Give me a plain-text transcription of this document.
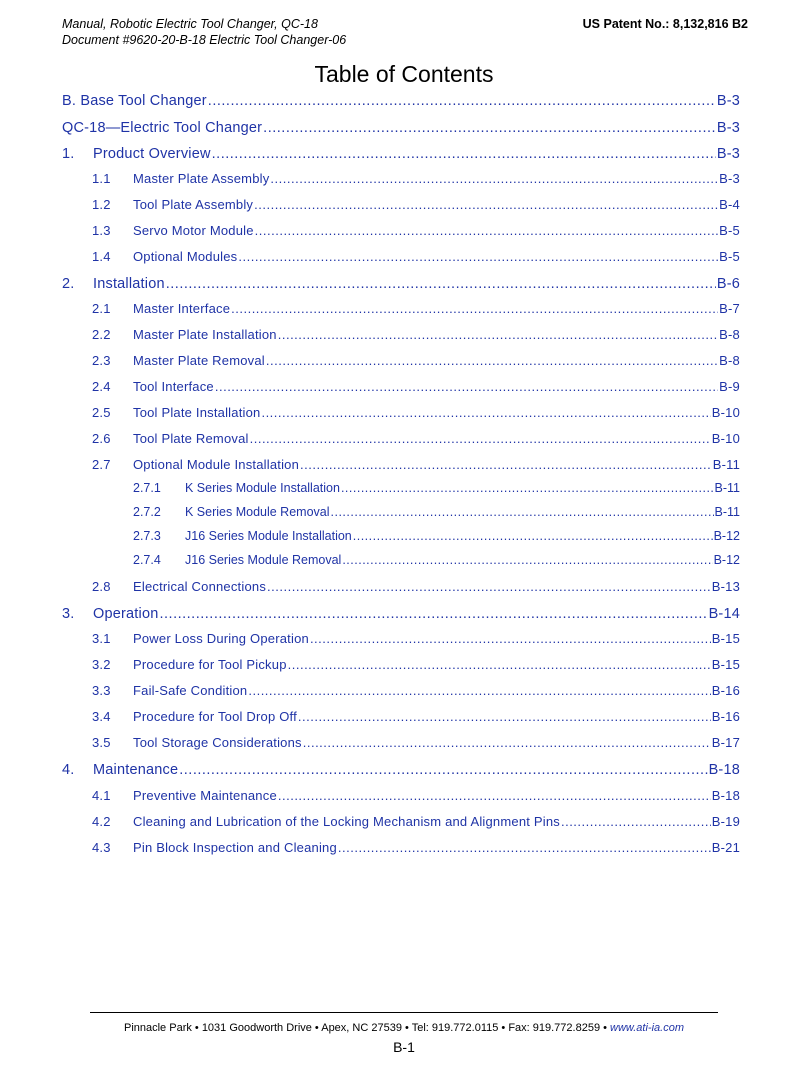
Manual, Robotic Electric Tool Changer, QC-18
Document #9620-20-B-18 Electric Tool Changer-06
US Patent No.: 8,132,816 B2
Table of Contents
B. Base Tool Changer .....	B-3
QC-18—Electric Tool Changer .....	B-3
1.	Product Overview .....	B-3
1.1	Master Plate Assembly .....	B-3
1.2	Tool Plate Assembly .....	B-4
1.3	Servo Motor Module .....	B-5
1.4	Optional Modules .....	B-5
2.	Installation .....	B-6
2.1	Master Interface .....	B-7
2.2	Master Plate Installation .....	B-8
2.3	Master Plate Removal .....	B-8
2.4	Tool Interface .....	B-9
2.5	Tool Plate Installation .....	B-10
2.6	Tool Plate Removal .....	B-10
2.7	Optional Module Installation .....	B-11
2.7.1	K Series Module Installation .....	B-11
2.7.2	K Series Module Removal .....	B-11
2.7.3	J16 Series Module Installation .....	B-12
2.7.4	J16 Series Module Removal .....	B-12
2.8	Electrical Connections .....	B-13
3.	Operation .....	B-14
3.1	Power Loss During Operation .....	B-15
3.2	Procedure for Tool Pickup .....	B-15
3.3	Fail-Safe Condition .....	B-16
3.4	Procedure for Tool Drop Off .....	B-16
3.5	Tool Storage Considerations .....	B-17
4.	Maintenance .....	B-18
4.1	Preventive Maintenance .....	B-18
4.2	Cleaning and Lubrication of the Locking Mechanism and Alignment Pins .....	B-19
4.3	Pin Block Inspection and Cleaning .....	B-21
Pinnacle Park • 1031 Goodworth Drive • Apex, NC 27539 • Tel: 919.772.0115 • Fax: 919.772.8259 • www.ati-ia.com
B-1
